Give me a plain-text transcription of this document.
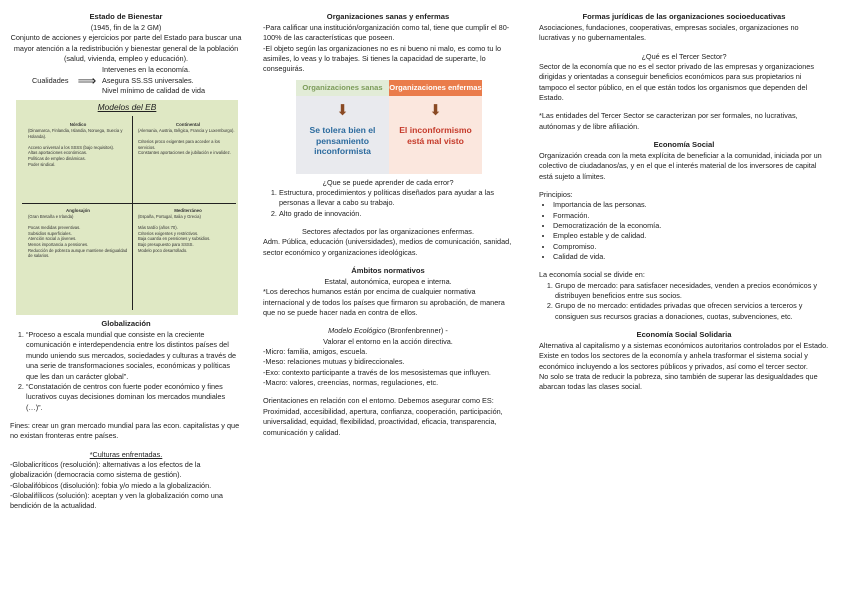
Estado de Bienestar

(1945, fin de la 2 GM)

Conjunto de acciones y ejercicios por parte del Estado para buscar una mayor atención a la redistribución y bienestar general de la población (salud, vivienda, empleo y educación).

Cualidades ⟹

Intervenes en la economía.

Asegura SS.SS universales.

Nivel mínimo de calidad de vida

Modelos del EB
Nórdico
(Dinamarca, Finlandia, Islandia, Noruega, Suecia y Holanda).
Acceso universal a los SSSS (bajo requisitos).
Altas aportaciones económicas.
Políticas de empleo dinámicas.
Poder sindical.
Continental
(Alemania, Austria, Bélgica, Francia y Luxemburgo).
Criterios proco exigentes para acceder a los servicios.
Constantes aportaciones de jubilación e invalidez.
Anglosajón
(Gran Bretaña e Irlanda)
Pocas medidas preventivas.
Subsidios superficiales.
Atención social a jóvenes.
Menos importancia a pensiones.
Reducción de pobreza aunque mantiene desigualdad de salarios.
Mediterráneo
(España, Portugal, Italia y Grecia)
Más tardío (años 70).
Criterios exigentes y restrictivos.
Baja cuantía en pensiones y subsidios.
Bajo presupuesto para SSSS.
Modelo poco desarrollado.

Globalización

1. “Proceso a escala mundial que consiste en la creciente comunicación e interdependencia entre los distintos países del mundo uniendo sus mercados, sociedades y culturas a través de una serie de transformaciones sociales, económicas y políticas que les dan un carácter global”.
2. “Constatación de centros con fuerte poder económico y fines lucrativos cuyas decisiones dominan los mercados mundiales (…)”.

Fines: crear un gran mercado mundial para las econ. capitalistas y que no existan fronteras entre países.

*Culturas enfrentadas.

-Globalicríticos (resolución): alternativas a los efectos de la globalización (democracia como sistema de gestión).

-Globalifóbicos (disolución): fobia y/o miedo a la globalización.

-Globalifílicos (solución): aceptan y ven la globalización como una bendición de la actualidad.

Organizaciones sanas y enfermas

-Para calificar una institución/organización como tal, tiene que cumplir el 80-100% de las características que poseen.

-El objeto según las organizaciones no es ni bueno ni malo, es como tu lo asimiles, lo veas y lo trabajes. Si tienes la capacidad de superarte, lo conseguirás.

Organizaciones sanas
⬇
Se tolera bien el pensamiento inconformista
Organizaciones enfermas
⬇
El inconformismo está mal visto

¿Que se puede aprender de cada error?

1. Estructura, procedimientos y políticas diseñados para ayudar a las personas a llevar a cabo su trabajo.
2. Alto grado de innovación.

Sectores afectados por las organizaciones enfermas.

Adm. Pública, educación (universidades), medios de comunicación, sanidad, sector económico y organizaciones ideológicas.

Ámbitos normativos

Estatal, autonómica, europea e interna.

*Los derechos humanos están por encima de cualquier normativa internacional y de todos los países que firmaron su aprobación, de manera que no se puede hacer nada en contra de ellos.

Modelo Ecológico (Bronfenbrenner) -

Valorar el entorno en la acción directiva.

-Micro: familia, amigos, escuela.

-Meso: relaciones mutuas y bidireccionales.

-Exo: contexto participante a través de los mesosistemas que influyen.

-Macro: valores, creencias, normas, regulaciones, etc.

Orientaciones en relación con el entorno. Debemos asegurar como ES: Proximidad, accesibilidad, apertura, confianza, cooperación, participación, universalidad, equidad, flexibilidad, proactividad, eficacia, transparencia, comunicación y calidad.

Formas jurídicas de las organizaciones socioeducativas

Asociaciones, fundaciones, cooperativas, empresas sociales, organizaciones no lucrativas y no gubernamentales.

¿Qué es el Tercer Sector?

Sector de la economía que no es el sector privado de las empresas y organizaciones dirigidas y orientadas a conseguir beneficios económicos para sus propietarios ni tampoco el sector público, en el que están todos los organismos que dependen del Estado.

*Las entidades del Tercer Sector se caracterizan por ser formales, no lucrativas, autónomas y de libre afiliación.

Economía Social

Organización creada con la meta explícita de beneficiar a la comunidad, iniciada por un colectivo de ciudadanos/as, y en el que el interés material de los inversores de capital está sujeto a límites.

Principios:

• Importancia de las personas.
• Formación.
• Democratización de la economía.
• Empleo estable y de calidad.
• Compromiso.
• Calidad de vida.

La economía social se divide en:

1. Grupo de mercado: para satisfacer necesidades, venden a precios económicos y distribuyen beneficios entre sus socios.
2. Grupo de no mercado: entidades privadas que ofrecen servicios a terceros y consiguen sus recursos gracias a donaciones, cuotas, subvenciones, etc.

Economía Social Solidaria

Alternativa al capitalismo y a sistemas económicos autoritarios controlados por el Estado. Existe en todos los sectores de la economía y anhela trasformar el sistema social y económico incluyendo a los sectores públicos y privados, así como el tercer sector.

No solo se trata de reducir la pobreza, sino también de superar las desigualdades que abarcan todas las clases social.
